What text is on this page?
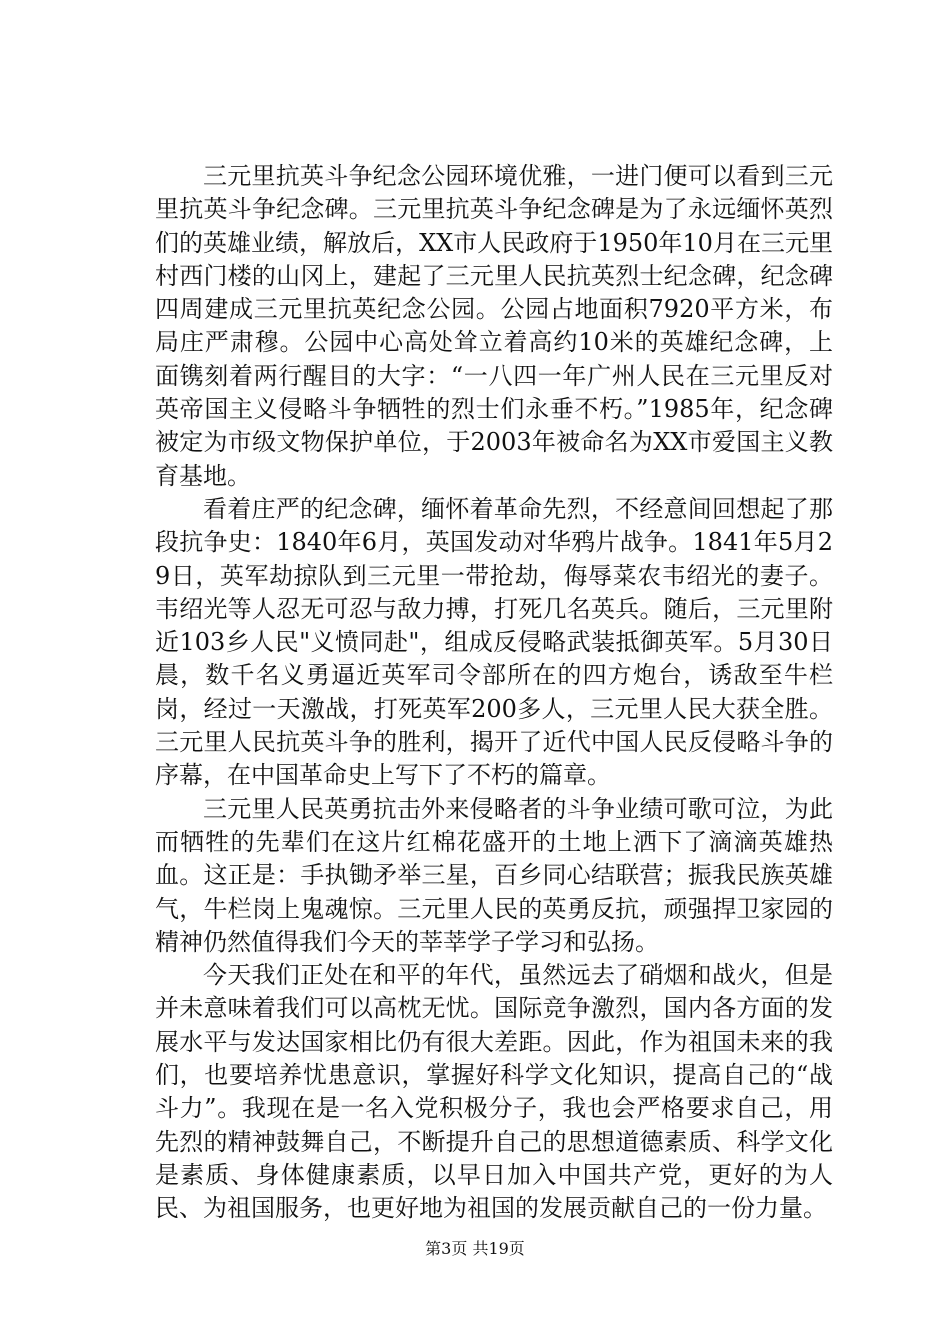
三元里抗英斗争纪念公园环境优雅，一进门便可以看到三元里抗英斗争纪念碑。三元里抗英斗争纪念碑是为了永远缅怀英烈们的英雄业绩，解放后，XX市人民政府于1950年10月在三元里村西门楼的山冈上，建起了三元里人民抗英烈士纪念碑，纪念碑四周建成三元里抗英纪念公园。公园占地面积7920平方米，布局庄严肃穆。公园中心高处耸立着高约10米的英雄纪念碑，上面镌刻着两行醒目的大字：“一八四一年广州人民在三元里反对英帝国主义侵略斗争牺牲的烈士们永垂不朽。”1985年，纪念碑被定为市级文物保护单位，于2003年被命名为XX市爱国主义教育基地。

看着庄严的纪念碑，缅怀着革命先烈，不经意间回想起了那段抗争史：1840年6月，英国发动对华鸦片战争。1841年5月29日，英军劫掠队到三元里一带抢劫，侮辱菜农韦绍光的妻子。韦绍光等人忍无可忍与敌力搏，打死几名英兵。随后，三元里附近103乡人民"义愤同赴"，组成反侵略武装抵御英军。5月30日晨，数千名义勇逼近英军司令部所在的四方炮台，诱敌至牛栏岗，经过一天激战，打死英军200多人，三元里人民大获全胜。三元里人民抗英斗争的胜利，揭开了近代中国人民反侵略斗争的序幕，在中国革命史上写下了不朽的篇章。

三元里人民英勇抗击外来侵略者的斗争业绩可歌可泣，为此而牺牲的先辈们在这片红棉花盛开的土地上洒下了滴滴英雄热血。这正是：手执锄矛举三星，百乡同心结联营；振我民族英雄气，牛栏岗上鬼魂惊。三元里人民的英勇反抗，顽强捍卫家园的精神仍然值得我们今天的莘莘学子学习和弘扬。

今天我们正处在和平的年代，虽然远去了硝烟和战火，但是并未意味着我们可以高枕无忧。国际竞争激烈，国内各方面的发展水平与发达国家相比仍有很大差距。因此，作为祖国未来的我们，也要培养忧患意识，掌握好科学文化知识，提高自己的“战斗力”。我现在是一名入党积极分子，我也会严格要求自己，用先烈的精神鼓舞自己，不断提升自己的思想道德素质、科学文化是素质、身体健康素质，以早日加入中国共产党，更好的为人民、为祖国服务，也更好地为祖国的发展贡献自己的一份力量。

第3页 共19页
